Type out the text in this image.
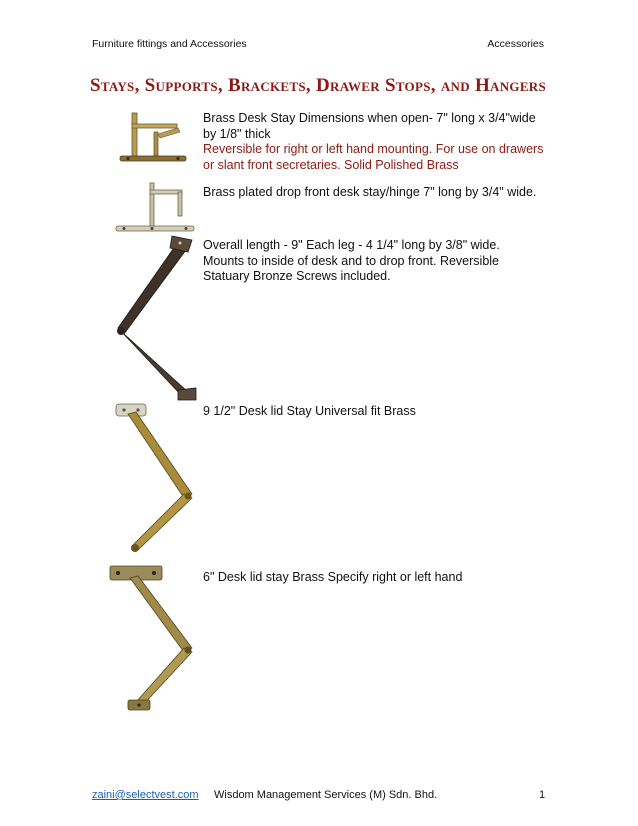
Furniture fittings and Accessories	Accessories
Stays, Supports, Brackets, Drawer Stops, and Hangers
Brass Desk Stay Dimensions when open- 7" long x 3/4"wide
by 1/8" thick
Reversible for right or left hand mounting. For use on drawers
or slant front secretaries. Solid Polished Brass
Brass plated drop front desk stay/hinge 7" long by 3/4" wide.
Overall length - 9" Each leg - 4 1/4" long by 3/8" wide.
Mounts to inside of desk and to drop front. Reversible
Statuary Bronze Screws included.
9 1/2" Desk lid Stay Universal fit Brass
6" Desk lid stay Brass Specify right or left hand
zaini@selectvest.com Wisdom Management Services (M) Sdn. Bhd.	1
